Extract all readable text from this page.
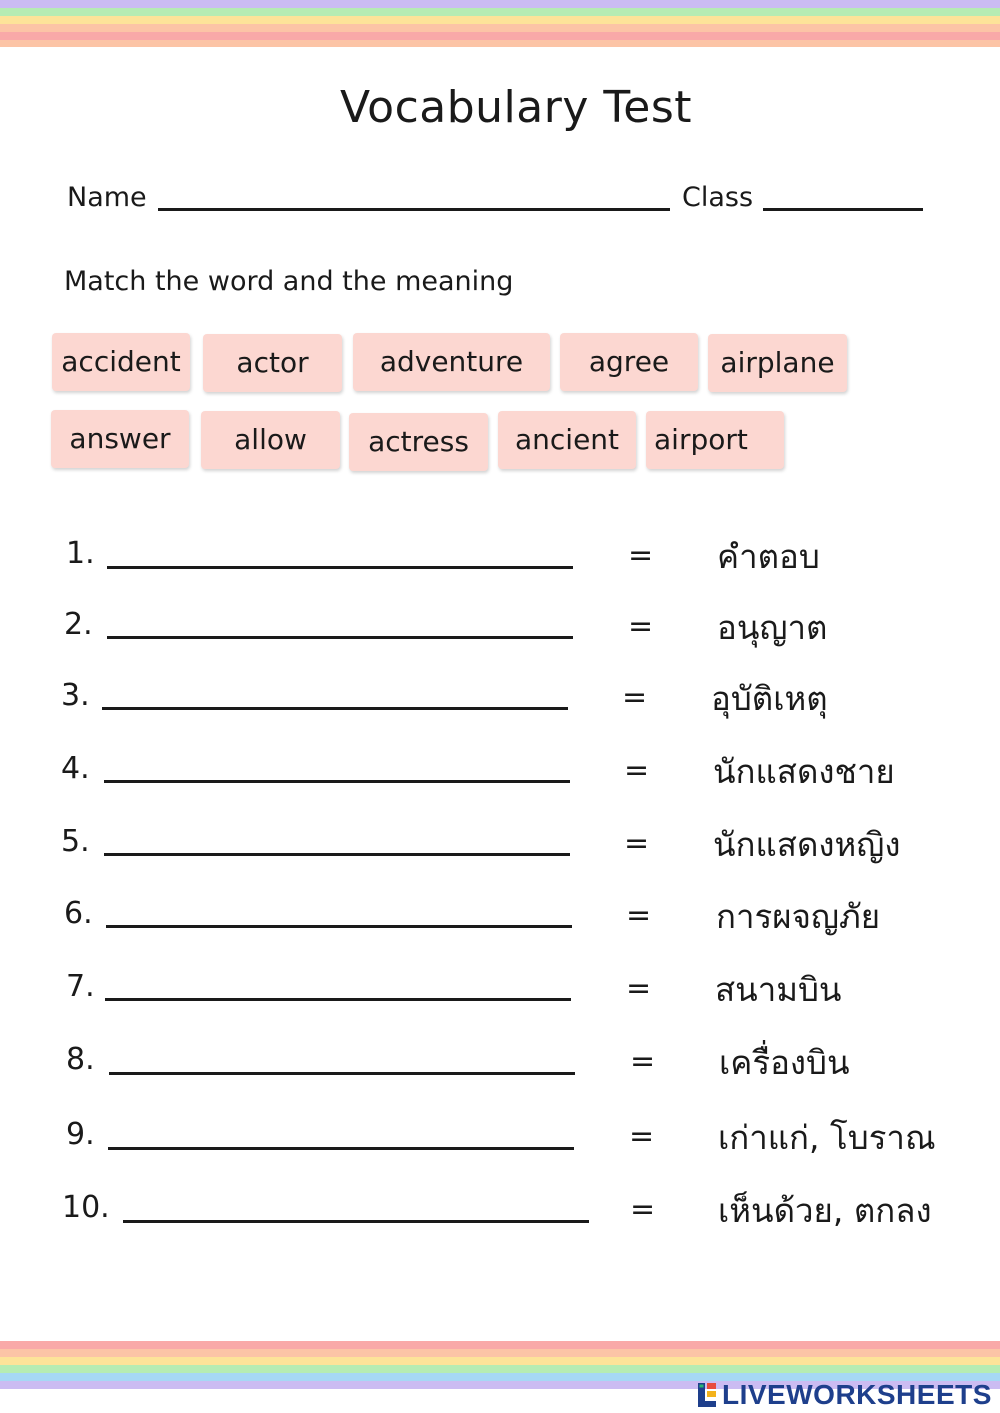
Vocabulary Test
Name	Class
Match the word and the meaning
accident	actor	adventure	agree	airplane
answer	allow	actress	ancient	airport
1.	= คำตอบ
2.	= อนุญาต
3.	= อุบัติเหตุ
4.	= นักแสดงชาย
5.	= นักแสดงหญิง
6.	= การผจญภัย
7.	= สนามบิน
8.	= เครื่องบิน
9.	= เก่าแก่, โบราณ
10.	= เห็นด้วย, ตกลง
LIVEWORKSHEETS
